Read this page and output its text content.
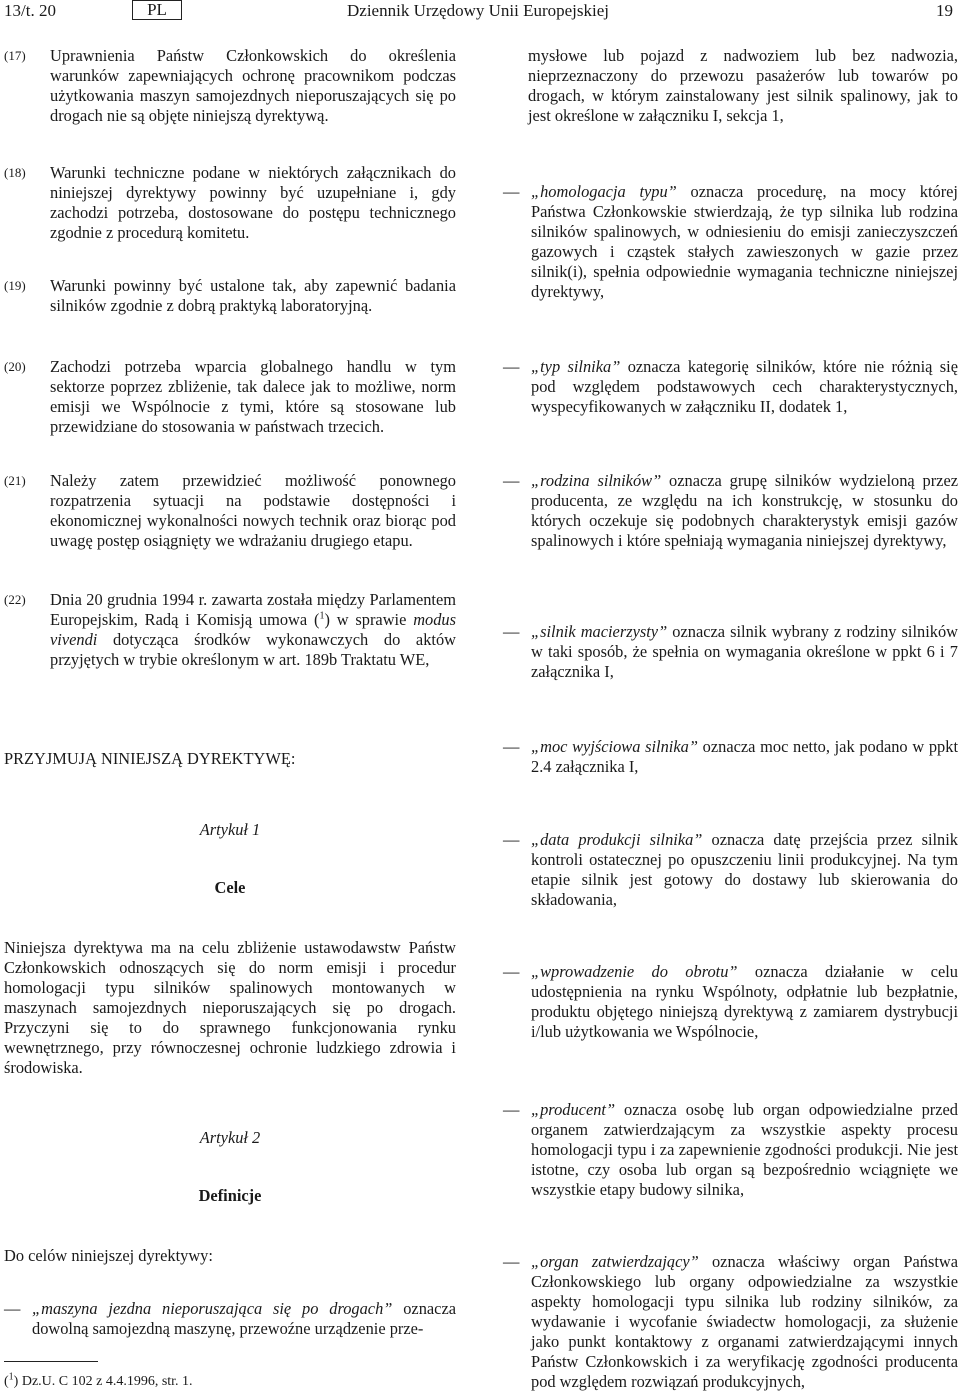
13/t. 20	PL	Dziennik Urzędowy Unii Europejskiej	19
(17) Uprawnienia Państw Członkowskich do określenia warunków zapewniających ochronę pracownikom podczas użytkowania maszyn samojezdnych nieporuszających się po drogach nie są objęte niniejszą dyrektywą.
(18) Warunki techniczne podane w niektórych załącznikach do niniejszej dyrektywy powinny być uzupełniane i, gdy zachodzi potrzeba, dostosowane do postępu technicznego zgodnie z procedurą komitetu.
(19) Warunki powinny być ustalone tak, aby zapewnić badania silników zgodnie z dobrą praktyką laboratoryjną.
(20) Zachodzi potrzeba wparcia globalnego handlu w tym sektorze poprzez zbliżenie, tak dalece jak to możliwe, norm emisji we Wspólnocie z tymi, które są stosowane lub przewidziane do stosowania w państwach trzecich.
(21) Należy zatem przewidzieć możliwość ponownego rozpatrzenia sytuacji na podstawie dostępności i ekonomicznej wykonalności nowych technik oraz biorąc pod uwagę postęp osiągnięty we wdrażaniu drugiego etapu.
(22) Dnia 20 grudnia 1994 r. zawarta została między Parlamentem Europejskim, Radą i Komisją umowa ($^1$) w sprawie modus vivendi dotycząca środków wykonawczych do aktów przyjętych w trybie określonym w art. 189b Traktatu WE,
PRZYJMUJĄ NINIEJSZĄ DYREKTYWĘ:
Artykuł 1
Cele
Niniejsza dyrektywa ma na celu zbliżenie ustawodawstw Państw Członkowskich odnoszących się do norm emisji i procedur homologacji typu silników spalinowych montowanych w maszynach samojezdnych nieporuszających się po drogach. Przyczyni się to do sprawnego funkcjonowania rynku wewnętrznego, przy równoczesnej ochronie ludzkiego zdrowia i środowiska.
Artykuł 2
Definicje
Do celów niniejszej dyrektywy:
— „maszyna jezdna nieporuszająca się po drogach” oznacza dowolną samojezdną maszynę, przewoźne urządzenie prze-
mysłowe lub pojazd z nadwoziem lub bez nadwozia, nieprzeznaczony do przewozu pasażerów lub towarów po drogach, w którym zainstalowany jest silnik spalinowy, jak to jest określone w załączniku I, sekcja 1,
— „homologacja typu” oznacza procedurę, na mocy której Państwa Członkowskie stwierdzają, że typ silnika lub rodzina silników spalinowych, w odniesieniu do emisji zanieczyszczeń gazowych i cząstek stałych zawieszonych w gazie przez silnik(i), spełnia odpowiednie wymagania techniczne niniejszej dyrektywy,
— „typ silnika” oznacza kategorię silników, które nie różnią się pod względem podstawowych cech charakterystycznych, wyspecyfikowanych w załączniku II, dodatek 1,
— „rodzina silników” oznacza grupę silników wydzieloną przez producenta, ze względu na ich konstrukcję, w stosunku do których oczekuje się podobnych charakterystyk emisji gazów spalinowych i które spełniają wymagania niniejszej dyrektywy,
— „silnik macierzysty” oznacza silnik wybrany z rodziny silników w taki sposób, że spełnia on wymagania określone w ppkt 6 i 7 załącznika I,
— „moc wyjściowa silnika” oznacza moc netto, jak podano w ppkt 2.4 załącznika I,
— „data produkcji silnika” oznacza datę przejścia przez silnik kontroli ostatecznej po opuszczeniu linii produkcyjnej. Na tym etapie silnik jest gotowy do dostawy lub skierowania do składowania,
— „wprowadzenie do obrotu” oznacza działanie w celu udostępnienia na rynku Wspólnoty, odpłatnie lub bezpłatnie, produktu objętego niniejszą dyrektywą z zamiarem dystrybucji i/lub użytkowania we Wspólnocie,
— „producent” oznacza osobę lub organ odpowiedzialne przed organem zatwierdzającym za wszystkie aspekty procesu homologacji typu i za zapewnienie zgodności produkcji. Nie jest istotne, czy osoba lub organ są bezpośrednio wciągnięte we wszystkie etapy budowy silnika,
— „organ zatwierdzający” oznacza właściwy organ Państwa Członkowskiego lub organy odpowiedzialne za wszystkie aspekty homologacji typu silnika lub rodziny silników, za wydawanie i wycofanie świadectw homologacji, za służenie jako punkt kontaktowy z organami zatwierdzającymi innych Państw Członkowskich i za weryfikację zgodności producenta pod względem rozwiązań produkcyjnych,
($^1$) Dz.U. C 102 z 4.4.1996, str. 1.
